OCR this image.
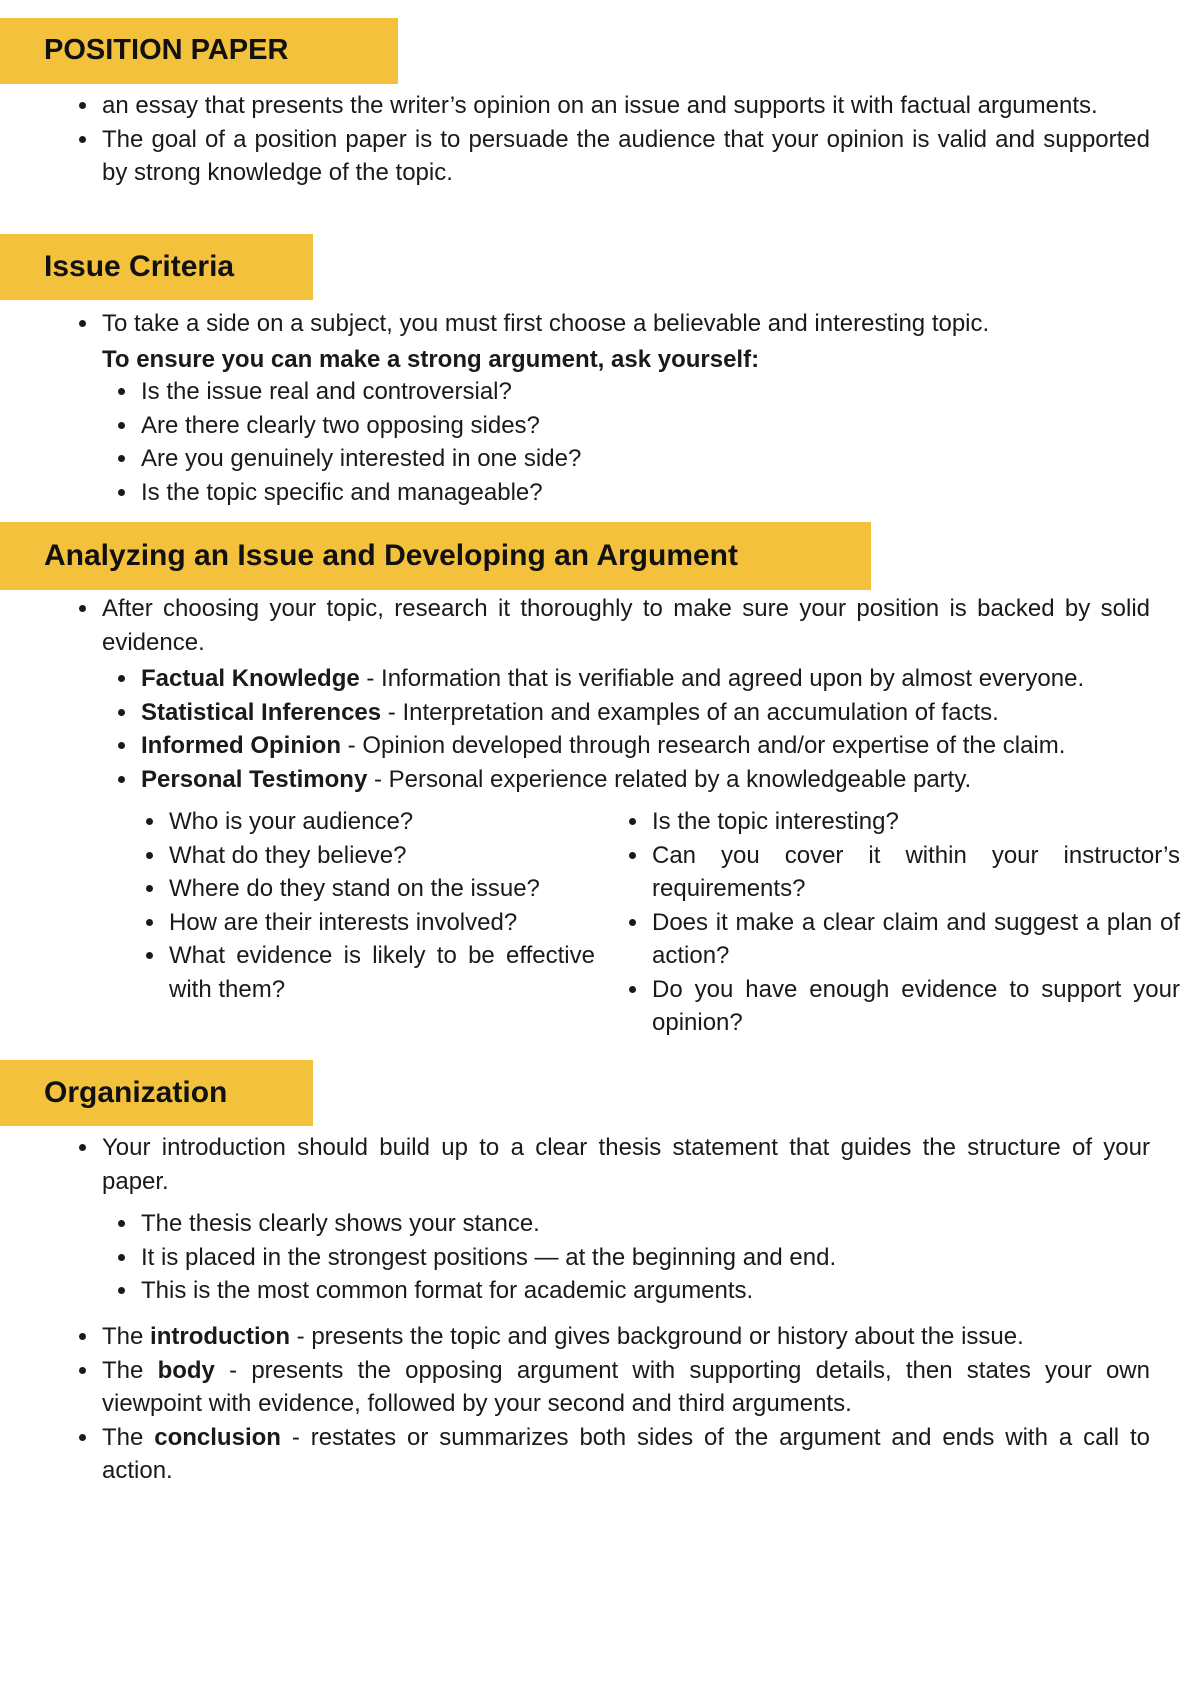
POSITION PAPER
an essay that presents the writer’s opinion on an issue and supports it with factual arguments.
The goal of a position paper is to persuade the audience that your opinion is valid and supported by strong knowledge of the topic.
Issue Criteria
To take a side on a subject, you must first choose a believable and interesting topic.
To ensure you can make a strong argument, ask yourself:
Is the issue real and controversial?
Are there clearly two opposing sides?
Are you genuinely interested in one side?
Is the topic specific and manageable?
Analyzing an Issue and Developing an Argument
After choosing your topic, research it thoroughly to make sure your position is backed by solid evidence.
Factual Knowledge - Information that is verifiable and agreed upon by almost everyone.
Statistical Inferences - Interpretation and examples of an accumulation of facts.
Informed Opinion - Opinion developed through research and/or expertise of the claim.
Personal Testimony - Personal experience related by a knowledgeable party.
Who is your audience?
What do they believe?
Where do they stand on the issue?
How are their interests involved?
What evidence is likely to be effective with them?
Is the topic interesting?
Can you cover it within your instructor’s requirements?
Does it make a clear claim and suggest a plan of action?
Do you have enough evidence to support your opinion?
Organization
Your introduction should build up to a clear thesis statement that guides the structure of your paper.
The thesis clearly shows your stance.
It is placed in the strongest positions — at the beginning and end.
This is the most common format for academic arguments.
The introduction - presents the topic and gives background or history about the issue.
The body - presents the opposing argument with supporting details, then states your own viewpoint with evidence, followed by your second and third arguments.
The conclusion - restates or summarizes both sides of the argument and ends with a call to action.
